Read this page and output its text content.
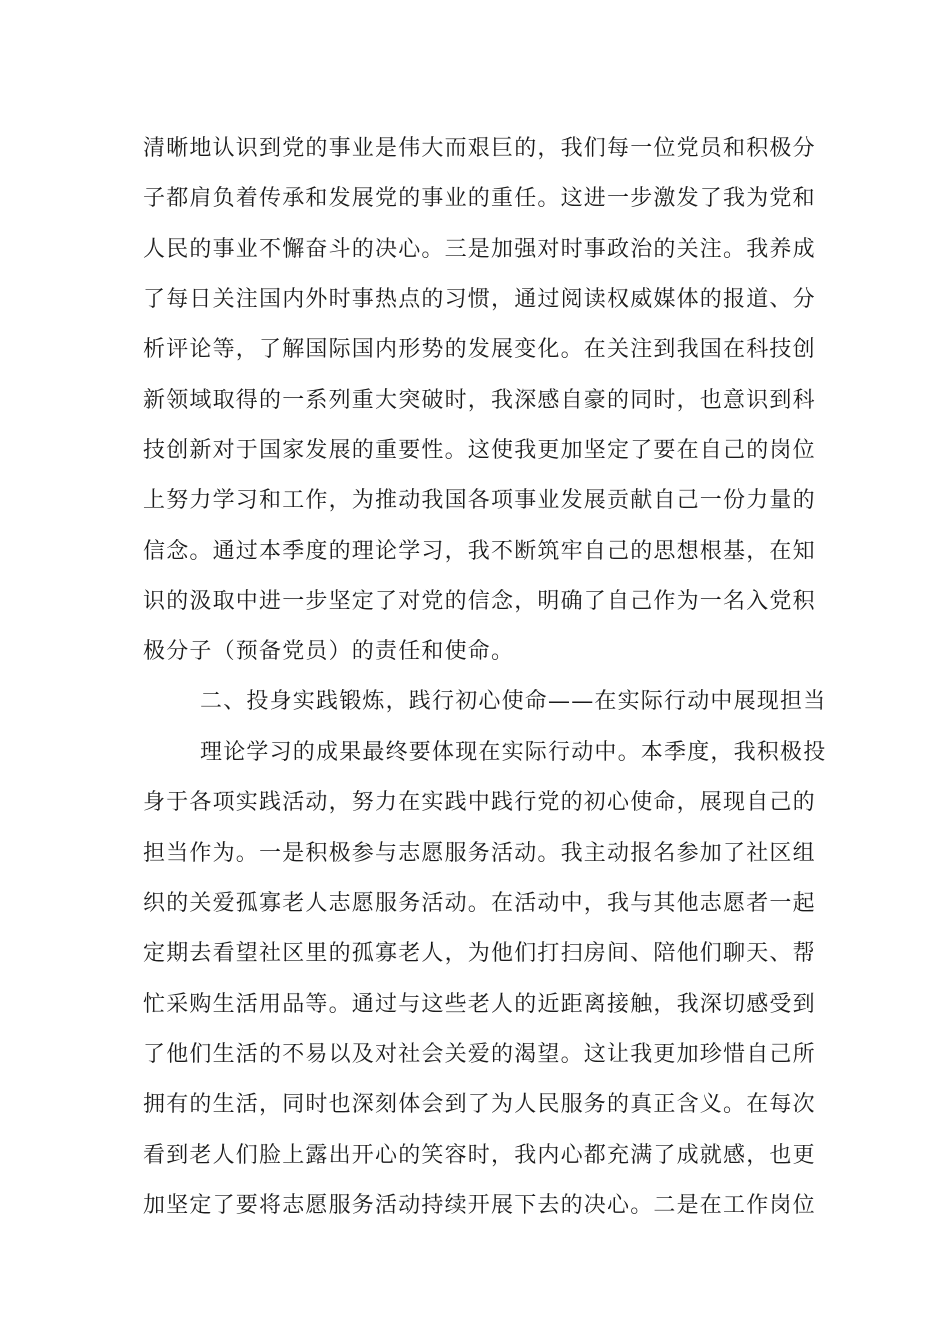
清晰地认识到党的事业是伟大而艰巨的，我们每一位党员和积极分
子都肩负着传承和发展党的事业的重任。这进一步激发了我为党和
人民的事业不懈奋斗的决心。三是加强对时事政治的关注。我养成
了每日关注国内外时事热点的习惯，通过阅读权威媒体的报道、分
析评论等，了解国际国内形势的发展变化。在关注到我国在科技创
新领域取得的一系列重大突破时，我深感自豪的同时，也意识到科
技创新对于国家发展的重要性。这使我更加坚定了要在自己的岗位
上努力学习和工作，为推动我国各项事业发展贡献自己一份力量的
信念。通过本季度的理论学习，我不断筑牢自己的思想根基，在知
识的汲取中进一步坚定了对党的信念，明确了自己作为一名入党积
极分子（预备党员）的责任和使命。
二、投身实践锻炼，践行初心使命——在实际行动中展现担当
理论学习的成果最终要体现在实际行动中。本季度，我积极投
身于各项实践活动，努力在实践中践行党的初心使命，展现自己的
担当作为。一是积极参与志愿服务活动。我主动报名参加了社区组
织的关爱孤寡老人志愿服务活动。在活动中，我与其他志愿者一起
定期去看望社区里的孤寡老人，为他们打扫房间、陪他们聊天、帮
忙采购生活用品等。通过与这些老人的近距离接触，我深切感受到
了他们生活的不易以及对社会关爱的渴望。这让我更加珍惜自己所
拥有的生活，同时也深刻体会到了为人民服务的真正含义。在每次
看到老人们脸上露出开心的笑容时，我内心都充满了成就感，也更
加坚定了要将志愿服务活动持续开展下去的决心。二是在工作岗位
